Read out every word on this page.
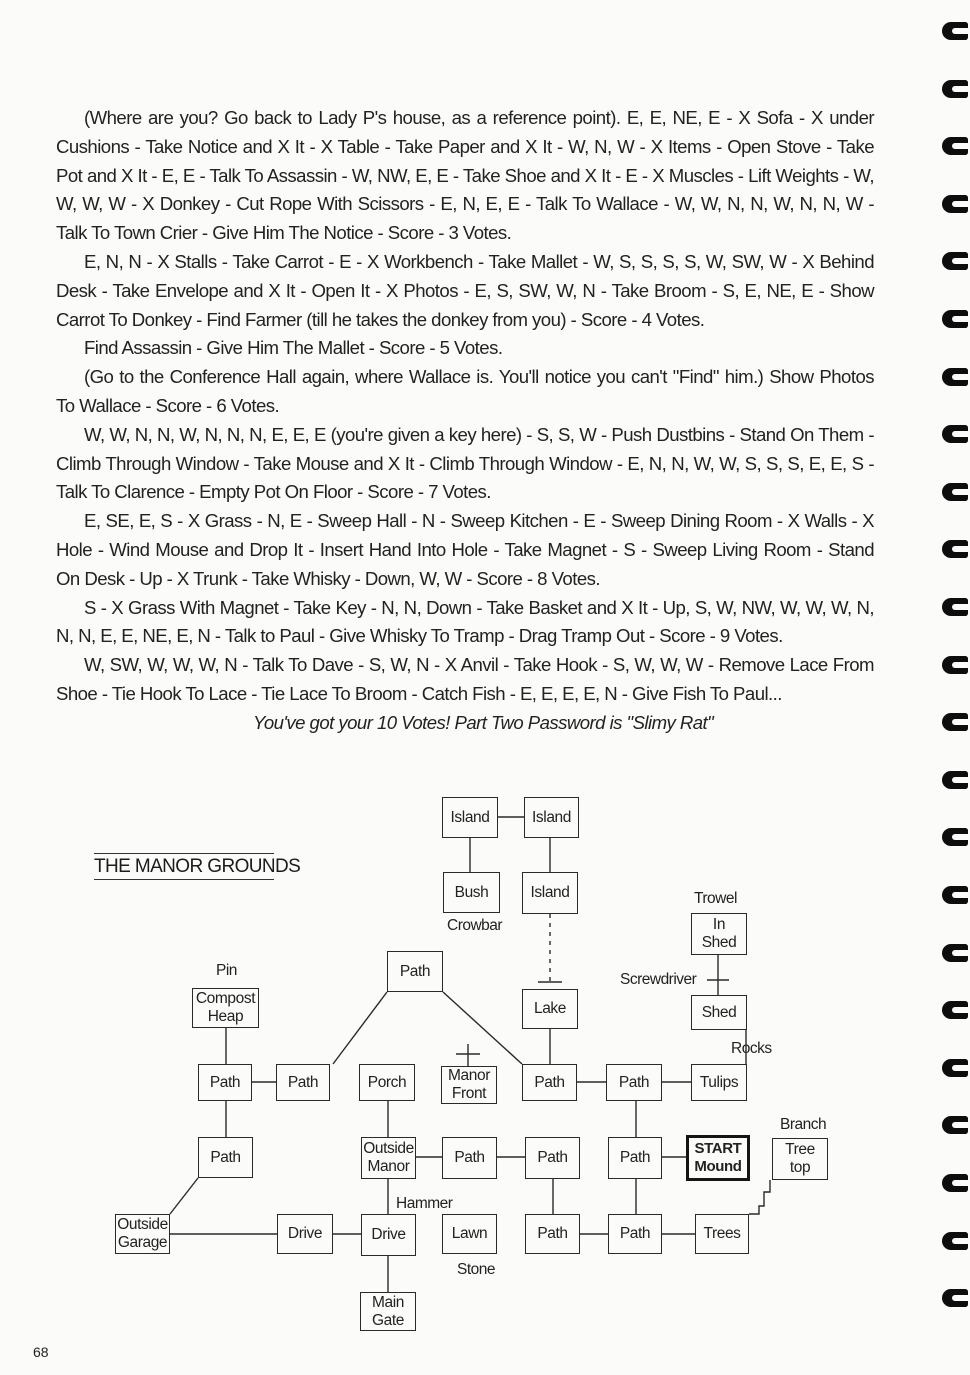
(Where are you? Go back to Lady P's house, as a reference point). E, E, NE, E - X Sofa - X under Cushions - Take Notice and X It - X Table - Take Paper and X It - W, N, W - X Items - Open Stove - Take Pot and X It - E, E - Talk To Assassin - W, NW, E, E - Take Shoe and X It - E - X Muscles - Lift Weights - W, W, W, W - X Donkey - Cut Rope With Scissors - E, N, E, E - Talk To Wallace - W, W, N, N, W, N, N, W - Talk To Town Crier - Give Him The Notice - Score - 3 Votes.

E, N, N - X Stalls - Take Carrot - E - X Workbench - Take Mallet - W, S, S, S, S, W, SW, W - X Behind Desk - Take Envelope and X It - Open It - X Photos - E, S, SW, W, N - Take Broom - S, E, NE, E - Show Carrot To Donkey - Find Farmer (till he takes the donkey from you) - Score - 4 Votes.

Find Assassin - Give Him The Mallet - Score - 5 Votes.

(Go to the Conference Hall again, where Wallace is. You'll notice you can't "Find" him.) Show Photos To Wallace - Score - 6 Votes.

W, W, N, N, W, N, N, N, E, E, E (you're given a key here) - S, S, W - Push Dustbins - Stand On Them - Climb Through Window - Take Mouse and X It - Climb Through Window - E, N, N, W, W, S, S, S, E, E, S - Talk To Clarence - Empty Pot On Floor - Score - 7 Votes.

E, SE, E, S - X Grass - N, E - Sweep Hall - N - Sweep Kitchen - E - Sweep Dining Room - X Walls - X Hole - Wind Mouse and Drop It - Insert Hand Into Hole - Take Magnet - S - Sweep Living Room - Stand On Desk - Up - X Trunk - Take Whisky - Down, W, W - Score - 8 Votes.

S - X Grass With Magnet - Take Key - N, N, Down - Take Basket and X It - Up, S, W, NW, W, W, W, N, N, N, E, E, NE, E, N - Talk to Paul - Give Whisky To Tramp - Drag Tramp Out - Score - 9 Votes.

W, SW, W, W, W, N - Talk To Dave - S, W, N - X Anvil - Take Hook - S, W, W, W - Remove Lace From Shoe - Tie Hook To Lace - Tie Lace To Broom - Catch Fish - E, E, E, E, N - Give Fish To Paul...

You've got your 10 Votes! Part Two Password is "Slimy Rat"

THE MANOR GROUNDS
Island	Island
Bush	Island
In
Shed
Path
Compost
Heap	Lake	Shed
Path	Path	Porch	Manor
Front
Path	Path	Tulips
Path	Outside
Manor
Path	Path	Path
START
Mound
Tree
top
Outside
Garage
Drive	Drive	Lawn	Path	Path	Trees
Main
Gate
Crowbar
Trowel
Pin
Screwdriver
Rocks
Branch
Hammer
Stone
68
